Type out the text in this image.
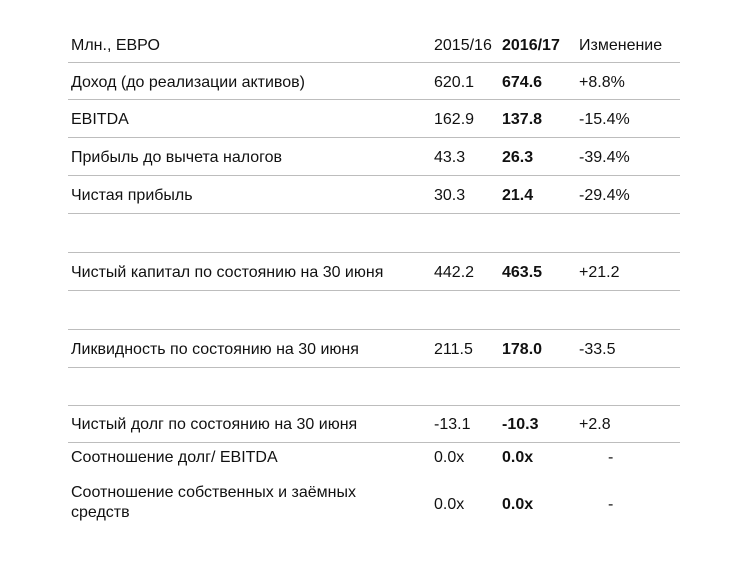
Млн., ЕВРО	2015/16 2016/17 Изменение
Доход (до реализации активов)	620.1 674.6 +8.8%
EBITDA	162.9 137.8 -15.4%
Прибыль до вычета налогов	43.3 26.3	-39.4%
Чистая прибыль	30.3 21.4	-29.4%
Чистый капитал по состоянию на 30 июня	442.2 463.5 +21.2
Ликвидность по состоянию на 30 июня	211.5 178.0 -33.5
Чистый долг по состоянию на 30 июня	-13.1 -10.3	+2.8
Соотношение долг/ EBITDA	0.0x 0.0x	-
Соотношение собственных и заёмных средств	0.0x 0.0x	-
